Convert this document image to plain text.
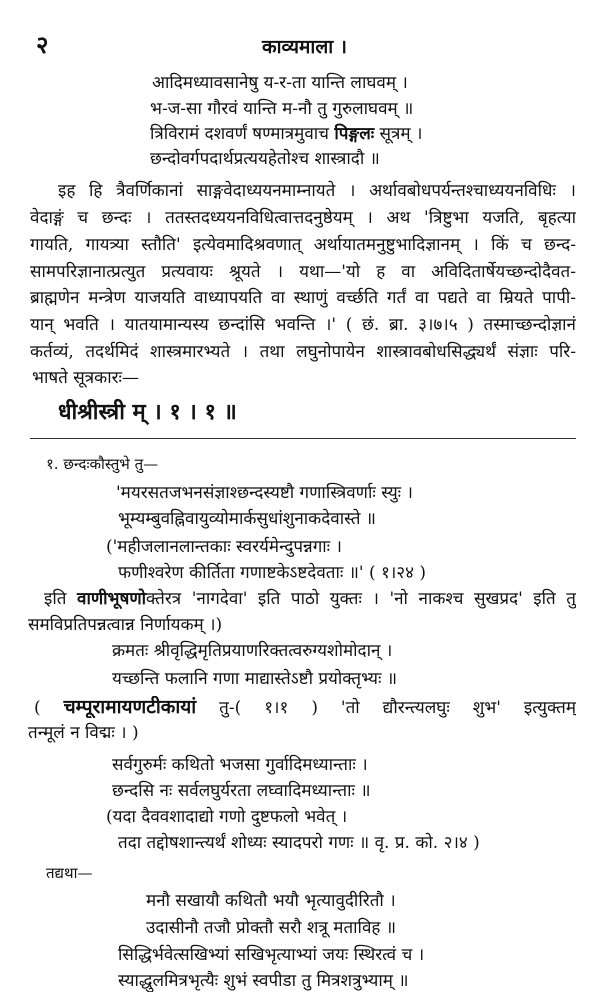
२	काव्यमाला ।
आदिमध्यावसानेषु य-र-ता यान्ति लाघवम् ।
भ-ज-सा गौरवं यान्ति म-नौ तु गुरुलाघवम् ॥
त्रिविरामं दशवर्णं षण्मात्रमुवाच पिङ्गलः सूत्रम् ।
छन्दोवर्गपदार्थप्रत्ययहेतोश्च शास्त्रादौ ॥
इह हि त्रैवर्णिकानां साङ्गवेदाध्ययनमाम्नायते । अर्थावबोधपर्यन्तश्चाध्ययनविधिः ।
वेदाङ्गं च छन्दः । ततस्तदध्ययनविधित्वात्तदनुष्ठेयम् । अथ 'त्रिष्टुभा यजति, बृहत्या
गायति, गायत्र्या स्तौति' इत्येवमादिश्रवणात् अर्थायातमनुष्टुभादिज्ञानम् । किं च छन्द-
सामपरिज्ञानात्प्रत्युत प्रत्यवायः श्रूयते । यथा—'यो ह वा अविदितार्षेयच्छन्दोदैवत-
ब्राह्मणेन मन्त्रेण याजयति वाध्यापयति वा स्थाणुं वर्च्छति गर्तं वा पद्यते वा म्रियते पापी-
यान् भवति । यातयामान्यस्य छन्दांसि भवन्ति ।' ( छं. ब्रा. ३।७।५ ) तस्माच्छन्दोज्ञानं
कर्तव्यं, तदर्थमिदं शास्त्रमारभ्यते । तथा लघुनोपायेन शास्त्रावबोधसिद्ध्यर्थं संज्ञाः परि-
भाषते सूत्रकारः—
धीश्रीस्त्री म् । १ । १ ॥
१. छन्दःकौस्तुभे तु—
'मयरसतजभनसंज्ञाश्छन्दस्यष्टौ गणास्त्रिवर्णाः स्युः ।
भूम्यम्बुवह्निवायुव्योमार्कसुधांशुनाकदेवास्ते ॥
('महीजलानलान्तकाः स्वरर्यमेन्दुपन्नगाः ।
फणीश्वरेण कीर्तिता गणाष्टकेऽष्टदेवताः ॥' ( १।२४ )
इति वाणीभूषणोक्तेरत्र 'नागदेवा' इति पाठो युक्तः । 'नो नाकश्च सुखप्रद' इति तु
समविप्रतिपन्नत्वान्न निर्णायकम् ।)
क्रमतः श्रीवृद्धिमृतिप्रयाणरिक्तत्वरुग्यशोमोदान् ।
यच्छन्ति फलानि गणा माद्यास्तेऽष्टौ प्रयोक्तृभ्यः ॥
( चम्पूरामायणटीकायां तु-( १।१ ) 'तो द्यौरन्त्यलघुः शुभ' इत्युक्तम्
तन्मूलं न विद्मः । )
सर्वगुरुर्मः कथितो भजसा गुर्वादिमध्यान्ताः ।
छन्दसि नः सर्वलघुर्यरता लघ्वादिमध्यान्ताः ॥
(यदा दैववशादाद्यो गणो दुष्टफलो भवेत् ।
तदा तद्दोषशान्त्यर्थं शोध्यः स्यादपरो गणः ॥ वृ. प्र. को. २।४ )
तद्यथा—
मनौ सखायौ कथितौ भयौ भृत्यावुदीरितौ ।
उदासीनौ तजौ प्रोक्तौ सरौ शत्रू मताविह ॥
सिद्धिर्भवेत्सखिभ्यां सखिभृत्याभ्यां जयः स्थिरत्वं च ।
स्याद्धुलमित्रभृत्यैः शुभं स्वपीडा तु मित्रशत्रुभ्याम् ॥
